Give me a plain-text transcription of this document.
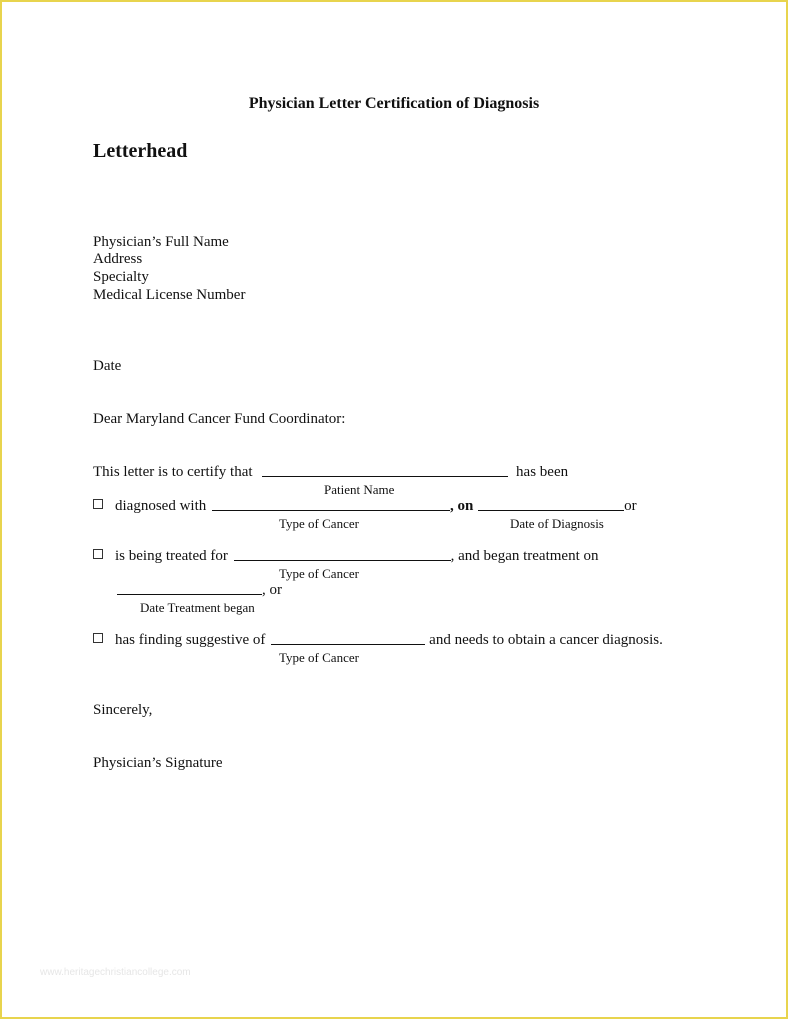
Physician Letter Certification of Diagnosis
Letterhead
Physician’s Full Name
Address
Specialty
Medical License Number
Date
Dear Maryland Cancer Fund Coordinator:
This letter is to certify that	has been
Patient Name
diagnosed with	, on	or
Type of Cancer	Date of Diagnosis
is being treated for	, and began treatment on
Type of Cancer
, or
Date Treatment began
has finding suggestive of	and needs to obtain a cancer diagnosis.
Type of Cancer
Sincerely,
Physician’s Signature
www.heritagechristiancollege.com
